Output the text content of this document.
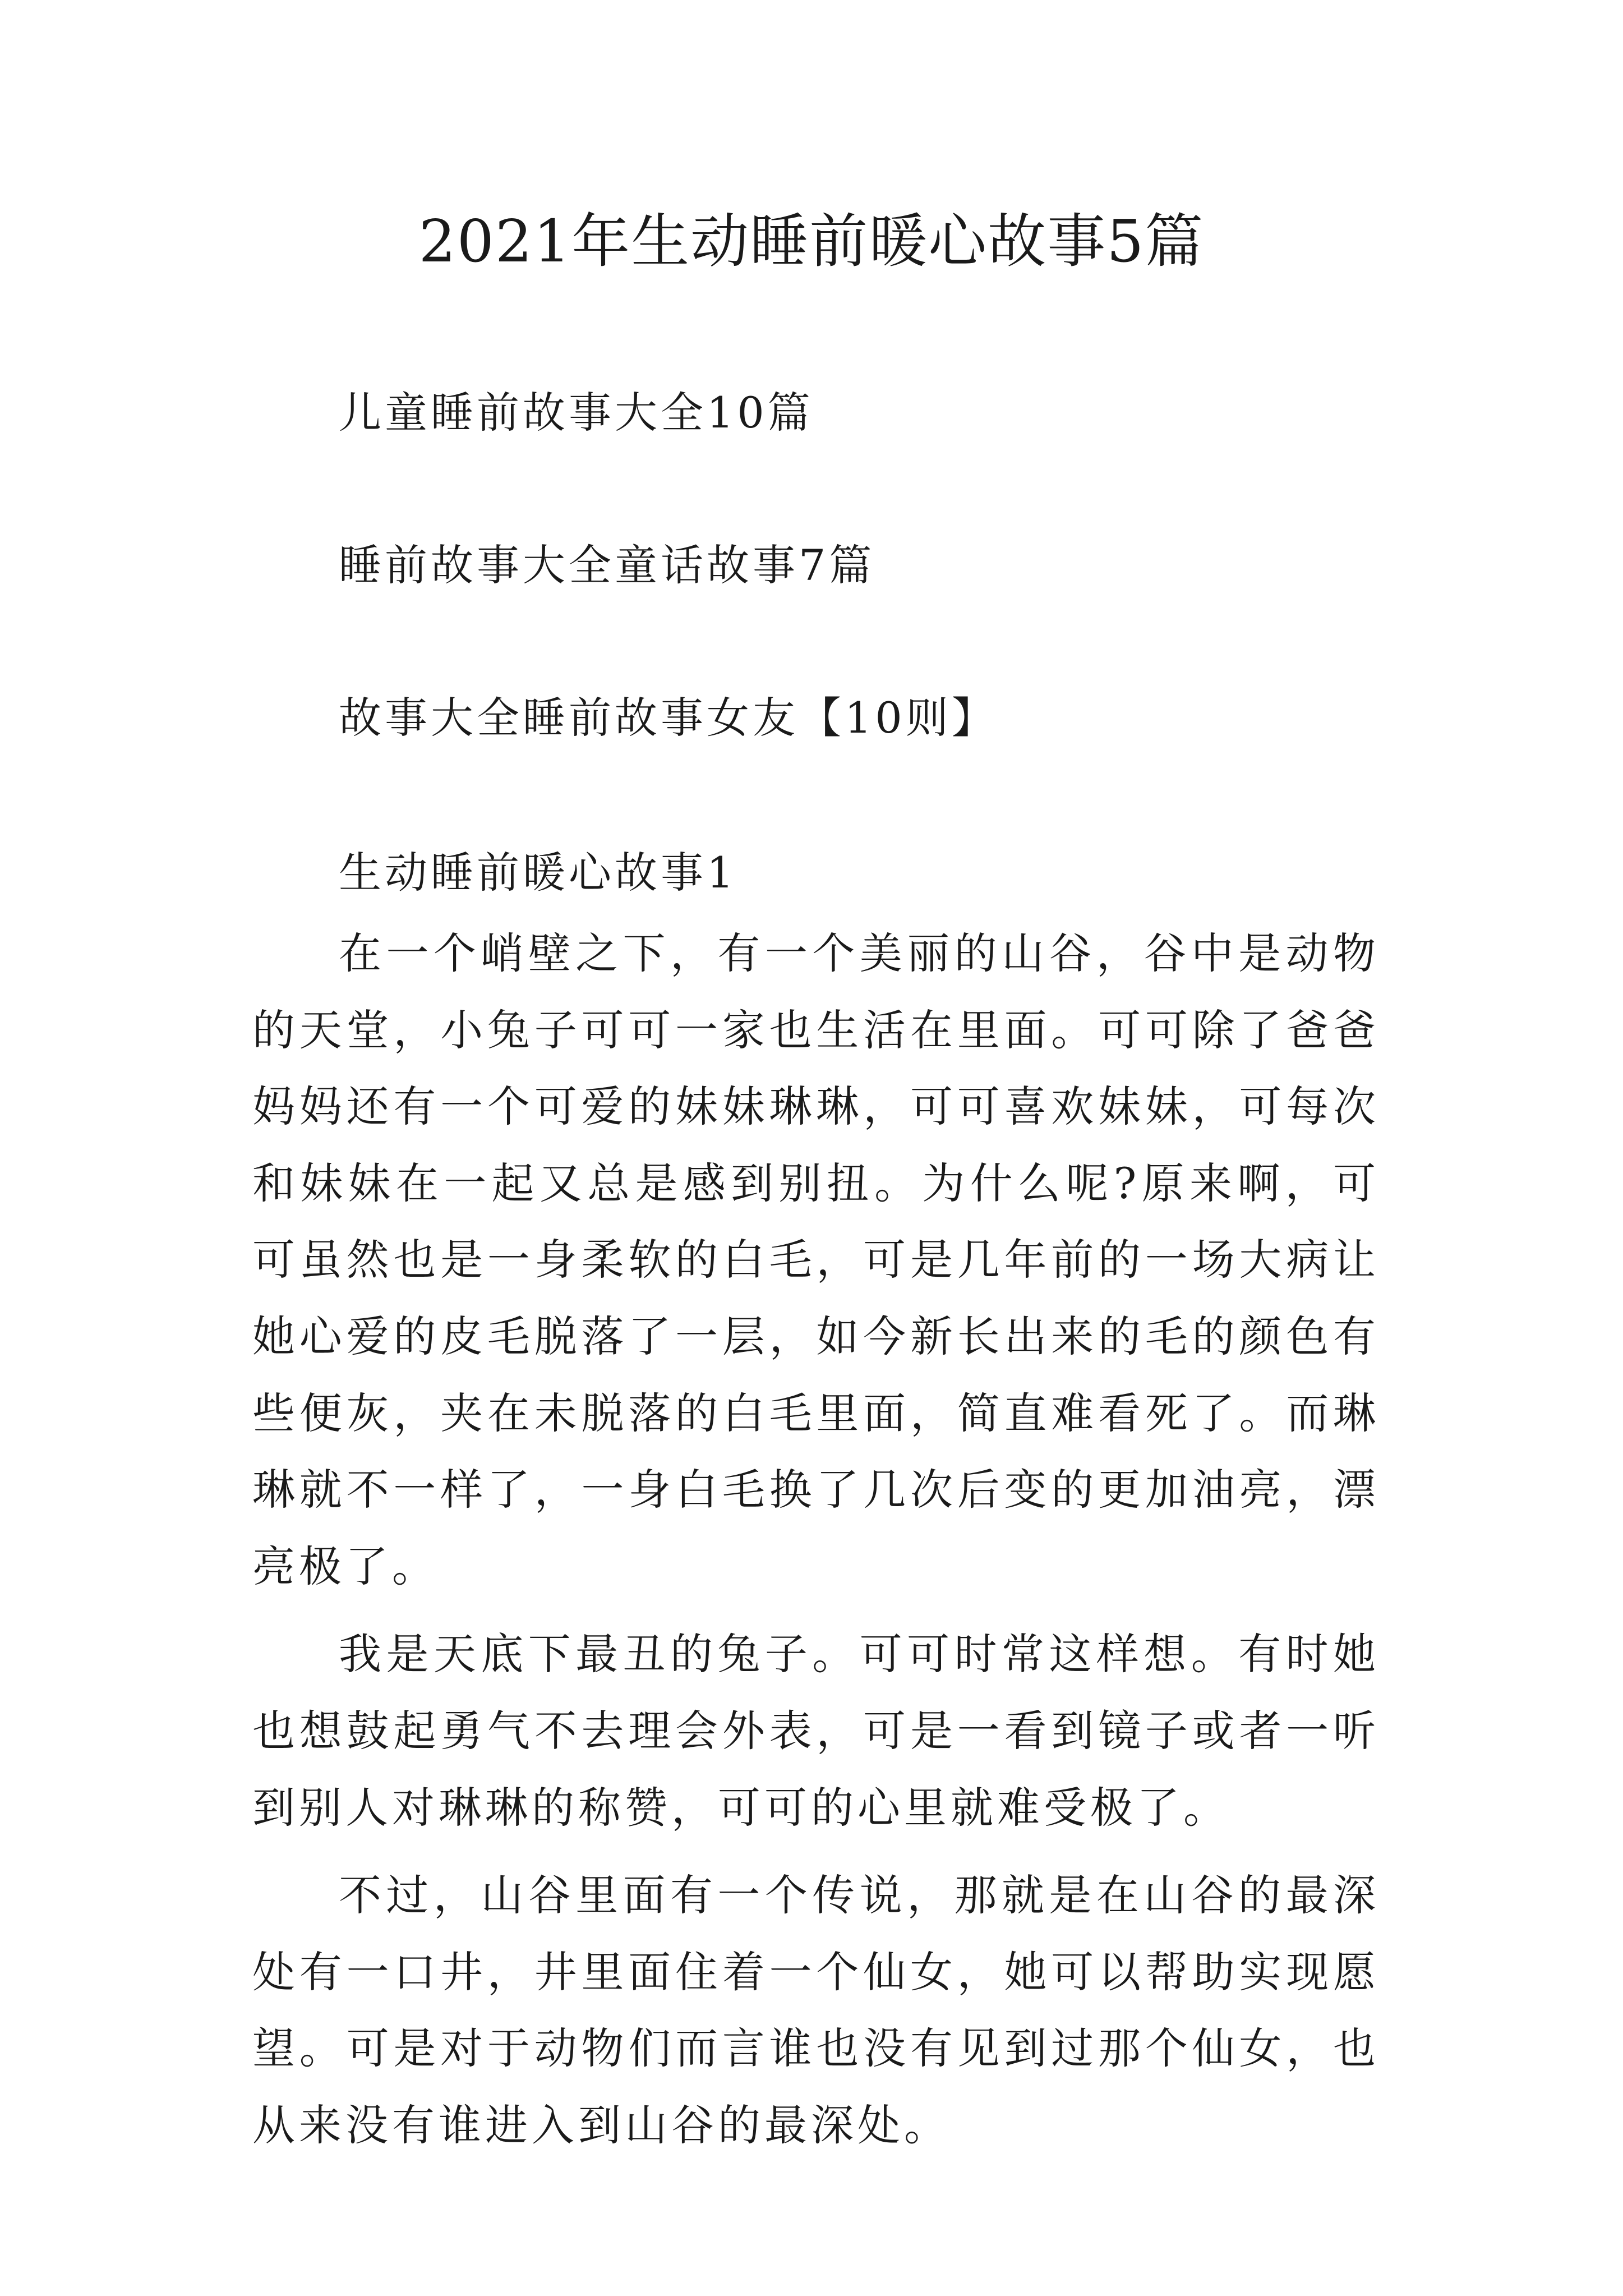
2021年生动睡前暖心故事5篇
儿童睡前故事大全10篇
睡前故事大全童话故事7篇
故事大全睡前故事女友【10则】
生动睡前暖心故事1

在一个峭壁之下，有一个美丽的山谷，谷中是动物的天堂，小兔子可可一家也生活在里面。可可除了爸爸妈妈还有一个可爱的妹妹琳琳，可可喜欢妹妹，可每次和妹妹在一起又总是感到别扭。为什么呢?原来啊，可可虽然也是一身柔软的白毛，可是几年前的一场大病让她心爱的皮毛脱落了一层，如今新长出来的毛的颜色有些便灰，夹在未脱落的白毛里面，简直难看死了。而琳琳就不一样了，一身白毛换了几次后变的更加油亮，漂亮极了。

我是天底下最丑的兔子。可可时常这样想。有时她也想鼓起勇气不去理会外表，可是一看到镜子或者一听到别人对琳琳的称赞，可可的心里就难受极了。

不过，山谷里面有一个传说，那就是在山谷的最深处有一口井，井里面住着一个仙女，她可以帮助实现愿望。可是对于动物们而言谁也没有见到过那个仙女，也从来没有谁进入到山谷的最深处。
